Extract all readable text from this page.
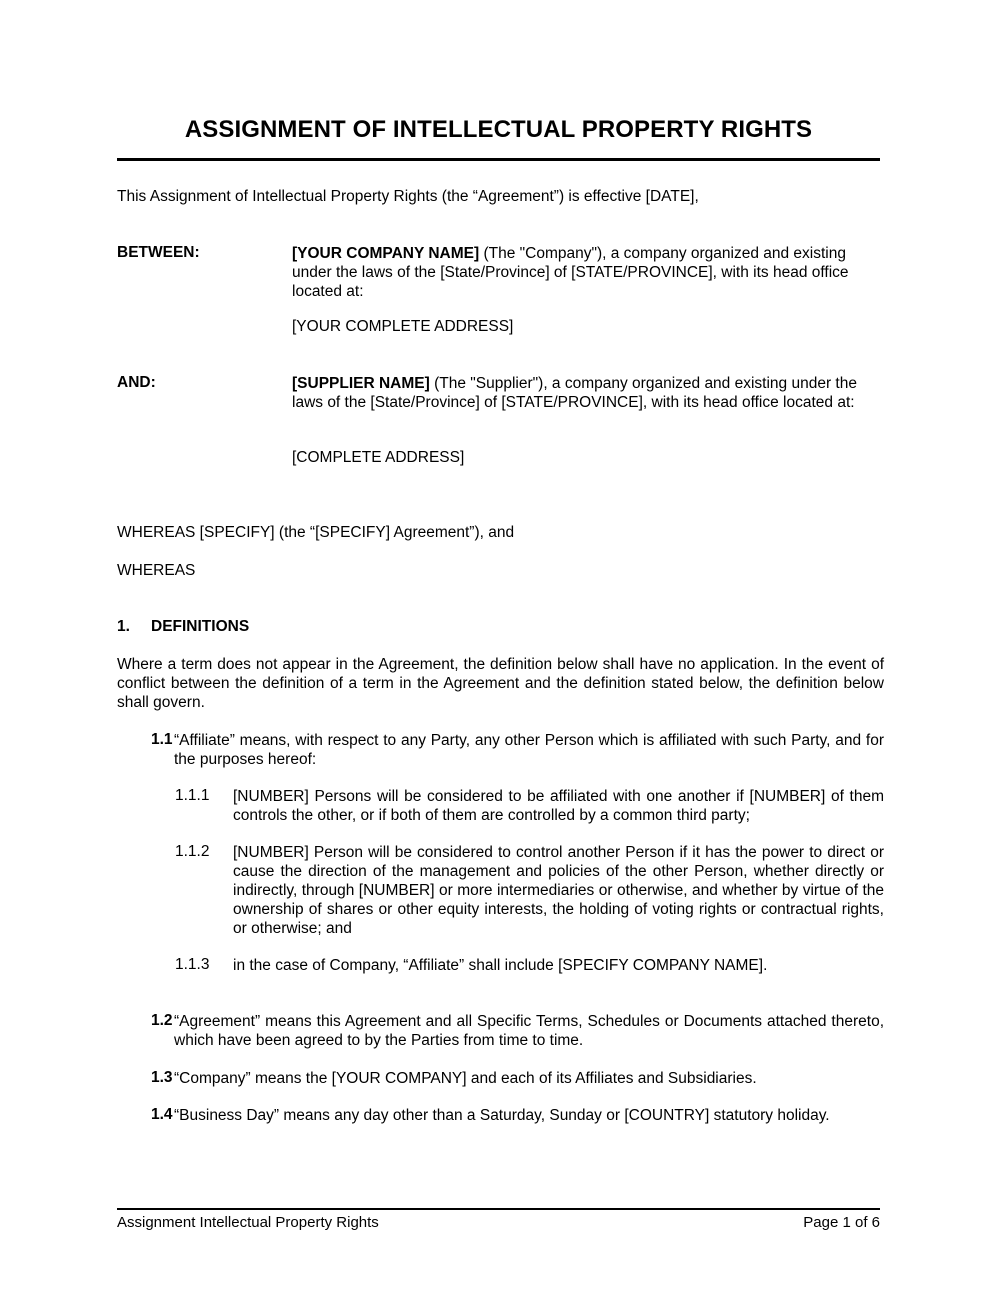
ASSIGNMENT OF INTELLECTUAL PROPERTY RIGHTS
This Assignment of Intellectual Property Rights (the “Agreement”) is effective [DATE],
BETWEEN:	[YOUR COMPANY NAME] (The "Company"), a company organized and existing under the laws of the [State/Province] of [STATE/PROVINCE], with its head office located at:
[YOUR COMPLETE ADDRESS]
AND:	[SUPPLIER NAME] (The "Supplier"), a company organized and existing under the laws of the [State/Province] of [STATE/PROVINCE], with its head office located at:
[COMPLETE ADDRESS]
WHEREAS [SPECIFY] (the “[SPECIFY] Agreement”), and
WHEREAS
1. DEFINITIONS
Where a term does not appear in the Agreement, the definition below shall have no application. In the event of conflict between the definition of a term in the Agreement and the definition stated below, the definition below shall govern.
1.1 “Affiliate” means, with respect to any Party, any other Person which is affiliated with such Party, and for the purposes hereof:
1.1.1 [NUMBER] Persons will be considered to be affiliated with one another if [NUMBER] of them controls the other, or if both of them are controlled by a common third party;
1.1.2 [NUMBER] Person will be considered to control another Person if it has the power to direct or cause the direction of the management and policies of the other Person, whether directly or indirectly, through [NUMBER] or more intermediaries or otherwise, and whether by virtue of the ownership of shares or other equity interests, the holding of voting rights or contractual rights, or otherwise; and
1.1.3 in the case of Company, “Affiliate” shall include [SPECIFY COMPANY NAME].
1.2 “Agreement” means this Agreement and all Specific Terms, Schedules or Documents attached thereto, which have been agreed to by the Parties from time to time.
1.3 “Company” means the [YOUR COMPANY] and each of its Affiliates and Subsidiaries.
1.4 “Business Day” means any day other than a Saturday, Sunday or [COUNTRY] statutory holiday.
Assignment Intellectual Property Rights	Page 1 of 6
